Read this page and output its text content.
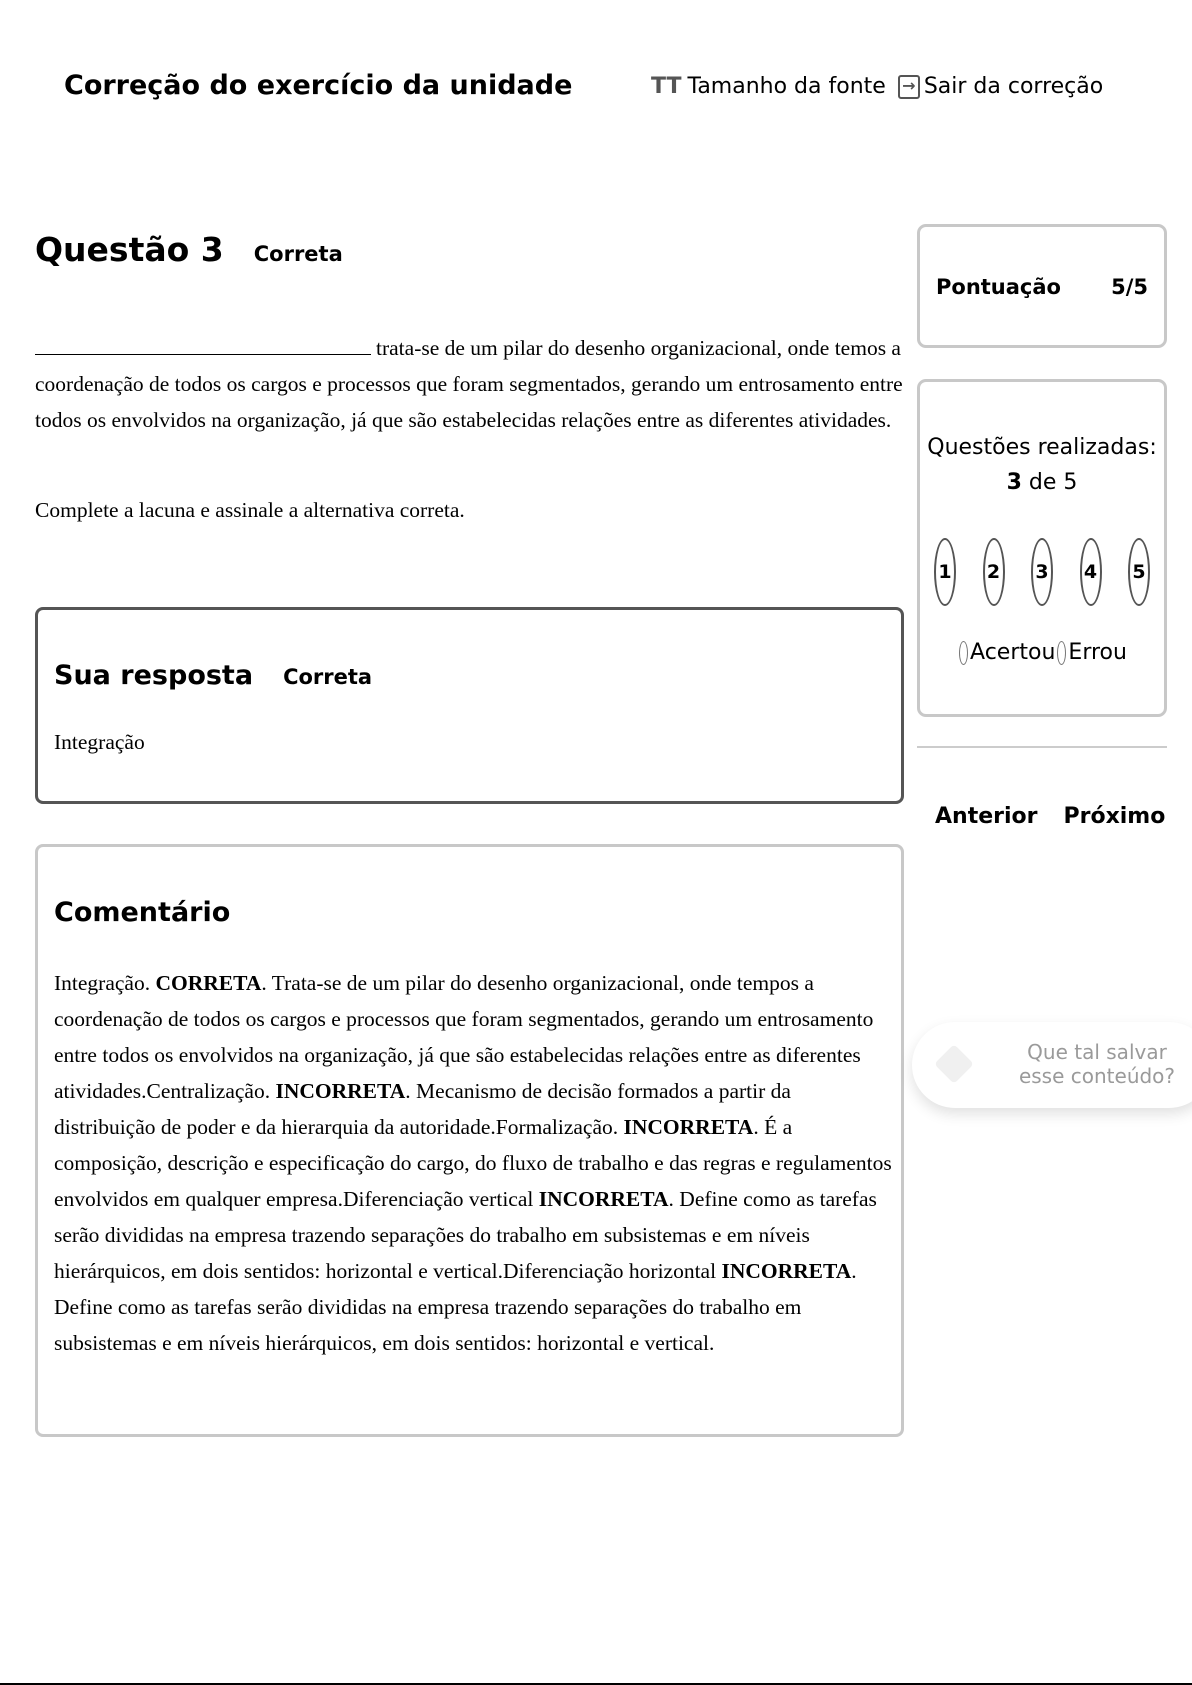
Correção do exercício da unidade	TT Tamanho da fonte → Sair da correção
Questão 3 Correta
trata-se de um pilar do desenho organizacional, onde temos a coordenação de todos os cargos e processos que foram segmentados, gerando um entrosamento entre todos os envolvidos na organização, já que são estabelecidas relações entre as diferentes atividades.
Complete a lacuna e assinale a alternativa correta.
Sua resposta Correta
Integração
Comentário

Integração. CORRETA. Trata-se de um pilar do desenho organizacional, onde tempos a coordenação de todos os cargos e processos que foram segmentados, gerando um entrosamento entre todos os envolvidos na organização, já que são estabelecidas relações entre as diferentes atividades.Centralização. INCORRETA. Mecanismo de decisão formados a partir da distribuição de poder e da hierarquia da autoridade.Formalização. INCORRETA. É a composição, descrição e especificação do cargo, do fluxo de trabalho e das regras e regulamentos envolvidos em qualquer empresa.Diferenciação vertical INCORRETA. Define como as tarefas serão divididas na empresa trazendo separações do trabalho em subsistemas e em níveis hierárquicos, em dois sentidos: horizontal e vertical.Diferenciação horizontal INCORRETA. Define como as tarefas serão divididas na empresa trazendo separações do trabalho em subsistemas e em níveis hierárquicos, em dois sentidos: horizontal e vertical.

Pontuação 5/5
Questões realizadas:
3 de 5
1 2 3 4 5
Acertou Errou
Anterior Próximo
Que tal salvar
esse conteúdo?
